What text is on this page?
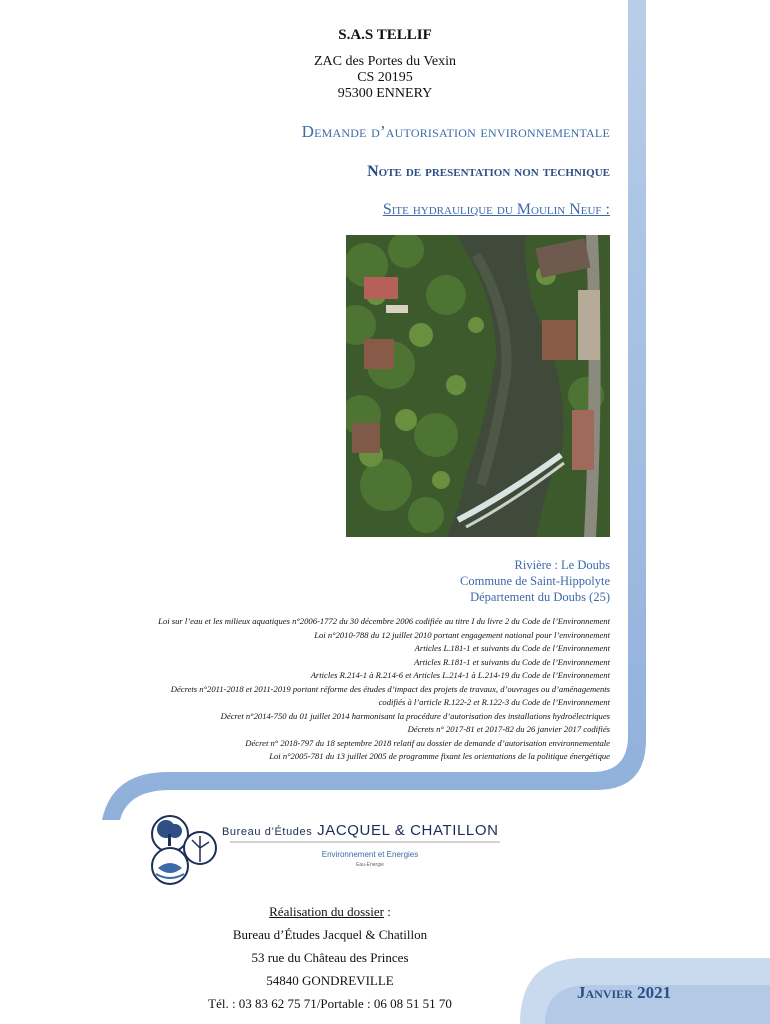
S.A.S TELLIF
ZAC des Portes du Vexin
CS 20195
95300 ENNERY
Demande d’autorisation environnementale
Note de presentation non technique
Site hydraulique du Moulin Neuf :
Rivière : Le Doubs
Commune de Saint-Hippolyte
Département du Doubs (25)
Loi sur l’eau et les milieux aquatiques n°2006-1772 du 30 décembre 2006 codifiée au titre I du livre 2 du Code de l’Environnement
Loi n°2010-788 du 12 juillet 2010 portant engagement national pour l’environnement
Articles L.181-1 et suivants du Code de l’Environnement
Articles R.181-1 et suivants du Code de l’Environnement
Articles R.214-1 à R.214-6 et Articles L.214-1 à L.214-19 du Code de l’Environnement
Décrets n°2011-2018 et 2011-2019 portant réforme des études d’impact des projets de travaux, d’ouvrages ou d’aménagements
codifiés à l’article R.122-2 et R.122-3 du Code de l’Environnement
Décret n°2014-750 du 01 juillet 2014 harmonisant la procédure d’autorisation des installations hydroélectriques
Décrets n° 2017-81 et 2017-82 du 26 janvier 2017 codifiés
Décret n° 2018-797 du 18 septembre 2018 relatif au dossier de demande d’autorisation environnementale
Loi n°2005-781 du 13 juillet 2005 de programme fixant les orientations de la politique énergétique
Bureau d’Études JACQUEL & CHATILLON
Environnement et Energies
Eau-Energie
Réalisation du dossier :
Bureau d’Études Jacquel & Chatillon
53 rue du Château des Princes
54840 GONDREVILLE
Tél. : 03 83 62 75 71/Portable : 06 08 51 51 70
Janvier 2021
